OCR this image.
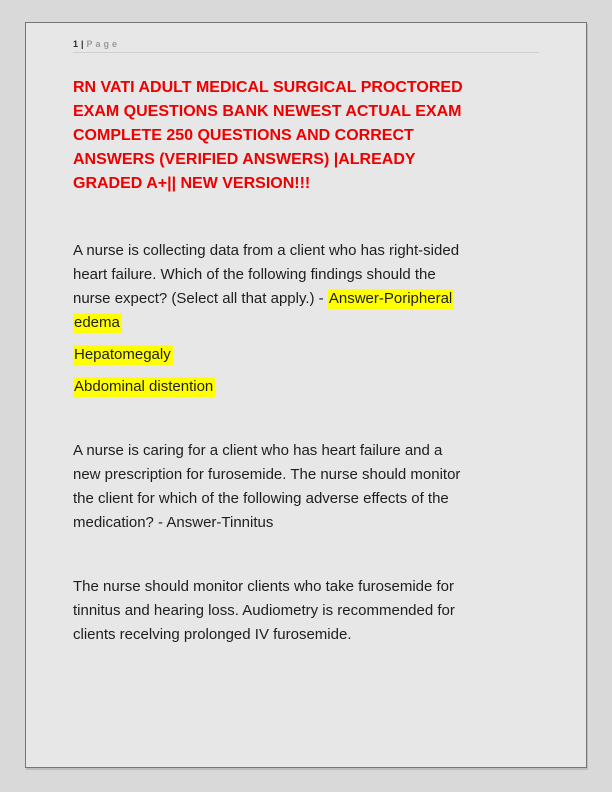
1 | Page
RN VATI ADULT MEDICAL SURGICAL PROCTORED
EXAM QUESTIONS BANK NEWEST ACTUAL EXAM
COMPLETE 250 QUESTIONS AND CORRECT
ANSWERS (VERIFIED ANSWERS) |ALREADY
GRADED A+|| NEW VERSION!!!
A nurse is collecting data from a client who has right-sided
heart failure. Which of the following findings should the
nurse expect? (Select all that apply.) - Answer-Poripheral
edema
Hepatomegaly
Abdominal distention
A nurse is caring for a client who has heart failure and a
new prescription for furosemide. The nurse should monitor
the client for which of the following adverse effects of the
medication? - Answer-Tinnitus
The nurse should monitor clients who take furosemide for
tinnitus and hearing loss. Audiometry is recommended for
clients recelving prolonged IV furosemide.
